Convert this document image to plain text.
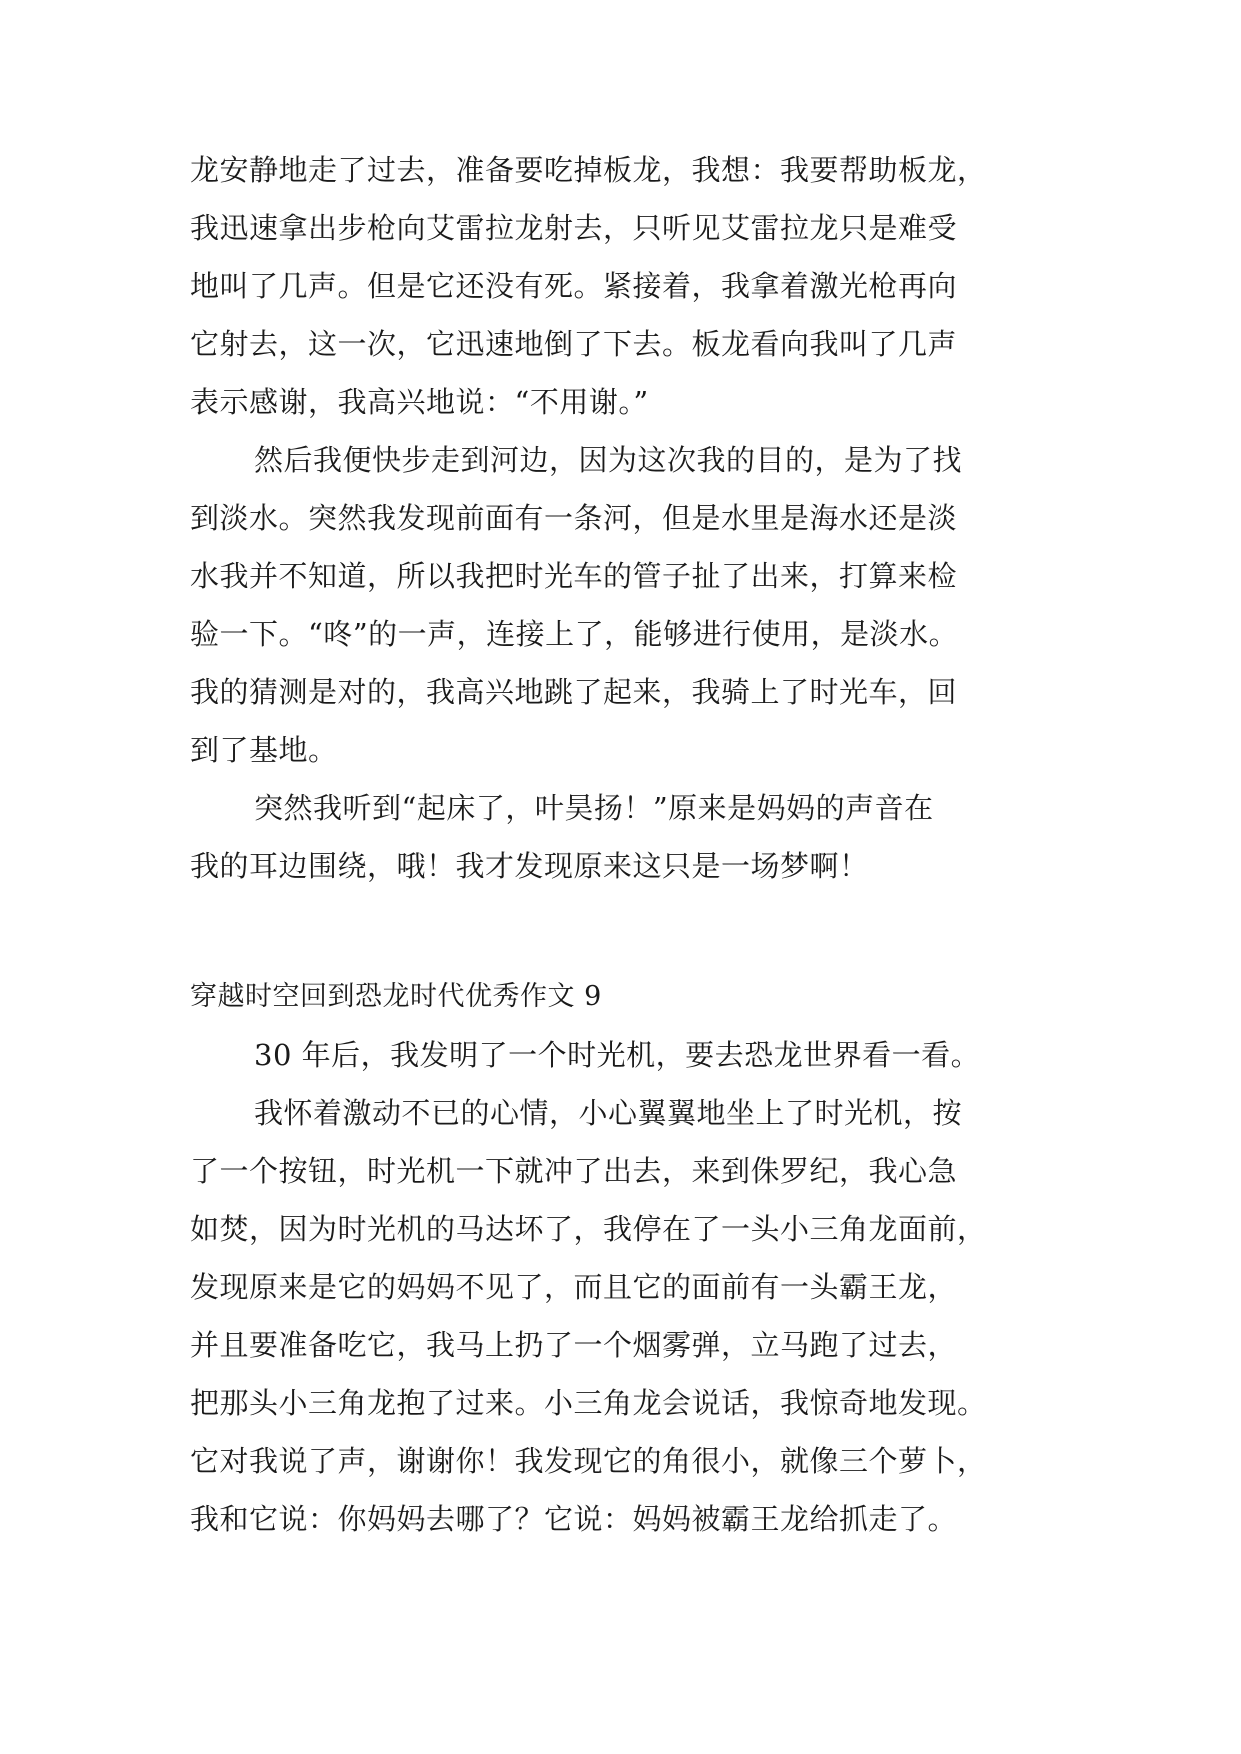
龙安静地走了过去，准备要吃掉板龙，我想：我要帮助板龙，
我迅速拿出步枪向艾雷拉龙射去，只听见艾雷拉龙只是难受
地叫了几声。但是它还没有死。紧接着，我拿着激光枪再向
它射去，这一次，它迅速地倒了下去。板龙看向我叫了几声
表示感谢，我高兴地说：“不用谢。”
然后我便快步走到河边，因为这次我的目的，是为了找
到淡水。突然我发现前面有一条河，但是水里是海水还是淡
水我并不知道，所以我把时光车的管子扯了出来，打算来检
验一下。“咚”的一声，连接上了，能够进行使用，是淡水。
我的猜测是对的，我高兴地跳了起来，我骑上了时光车，回
到了基地。
突然我听到“起床了，叶昊扬！”原来是妈妈的声音在
我的耳边围绕，哦！我才发现原来这只是一场梦啊！
穿越时空回到恐龙时代优秀作文 9
30 年后，我发明了一个时光机，要去恐龙世界看一看。
我怀着激动不已的心情，小心翼翼地坐上了时光机，按
了一个按钮，时光机一下就冲了出去，来到侏罗纪，我心急
如焚，因为时光机的马达坏了，我停在了一头小三角龙面前，
发现原来是它的妈妈不见了，而且它的面前有一头霸王龙，
并且要准备吃它，我马上扔了一个烟雾弹，立马跑了过去，
把那头小三角龙抱了过来。小三角龙会说话，我惊奇地发现。
它对我说了声，谢谢你！我发现它的角很小，就像三个萝卜，
我和它说：你妈妈去哪了？它说：妈妈被霸王龙给抓走了。
